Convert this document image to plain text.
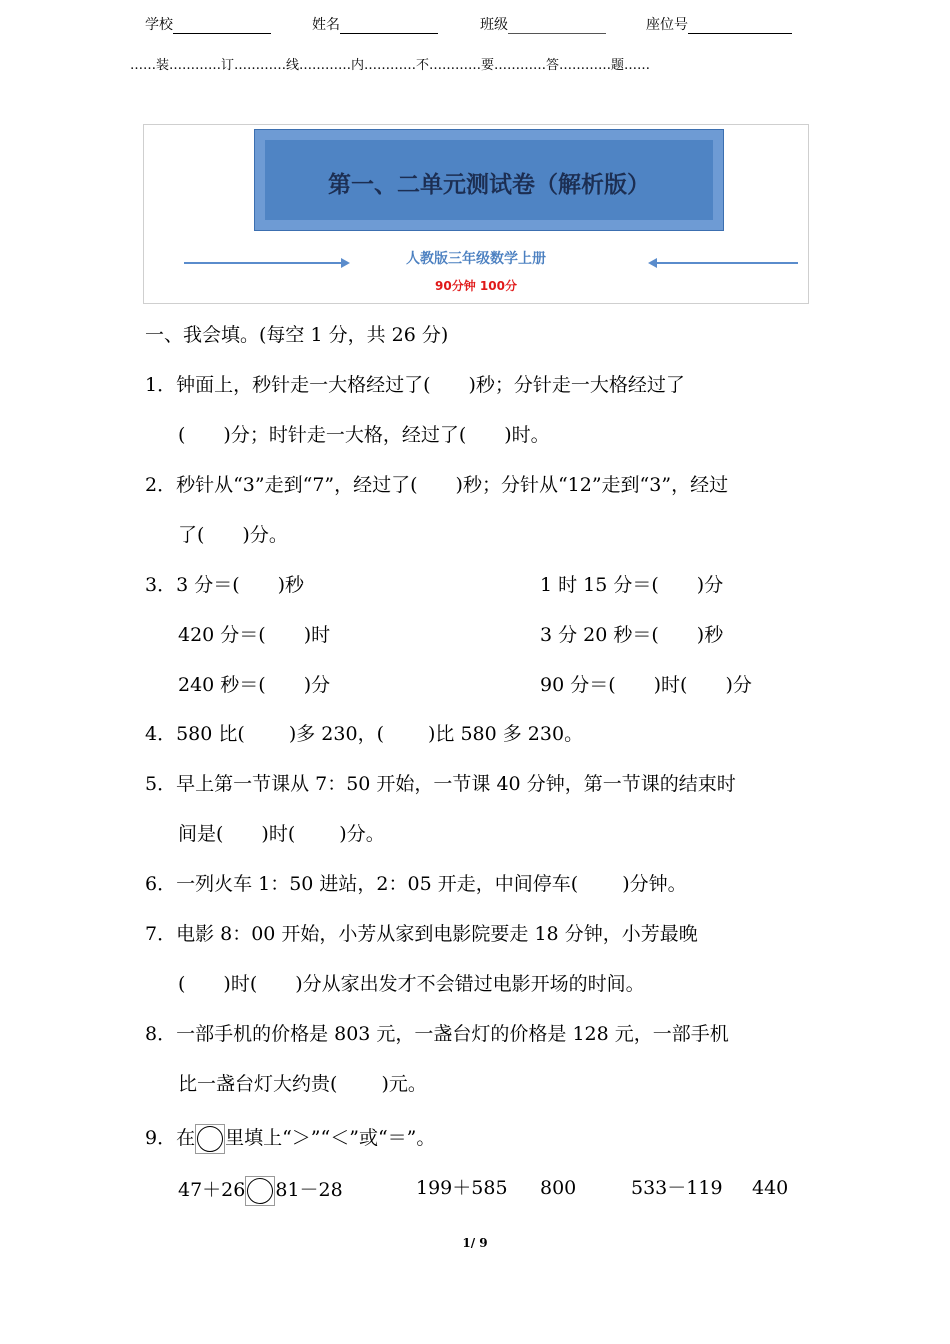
学校	姓名	班级	座位号
……装…………订…………线…………内…………不…………要…………答…………题……
第一、二单元测试卷（解析版）
人教版三年级数学上册
90分钟 100分
一、我会填。(每空 1 分，共 26 分)
1．钟面上，秒针走一大格经过了(　　)秒；分针走一大格经过了
(　　)分；时针走一大格，经过了(　　)时。
2．秒针从“3”走到“7”，经过了(　　)秒；分针从“12”走到“3”，经过
了(　　)分。
3．3 分＝(　　)秒	1 时 15 分＝(　　)分
420 分＝(　　)时	3 分 20 秒＝(　　)秒
240 秒＝(　　)分	90 分＝(　　)时(　　)分
4．580 比(　　 )多 230，(　　 )比 580 多 230。
5．早上第一节课从 7：50 开始，一节课 40 分钟，第一节课的结束时
间是(　　)时(　　 )分。
6．一列火车 1：50 进站，2：05 开走，中间停车(　　 )分钟。
7．电影 8：00 开始，小芳从家到电影院要走 18 分钟，小芳最晚
(　　)时(　　)分从家出发才不会错过电影开场的时间。
8．一部手机的价格是 803 元，一盏台灯的价格是 128 元，一部手机
比一盏台灯大约贵(　　 )元。
9．在 里填上“＞”“＜”或“＝”。
47＋26 81－28	199＋585 800	533－119 440
1/ 9
